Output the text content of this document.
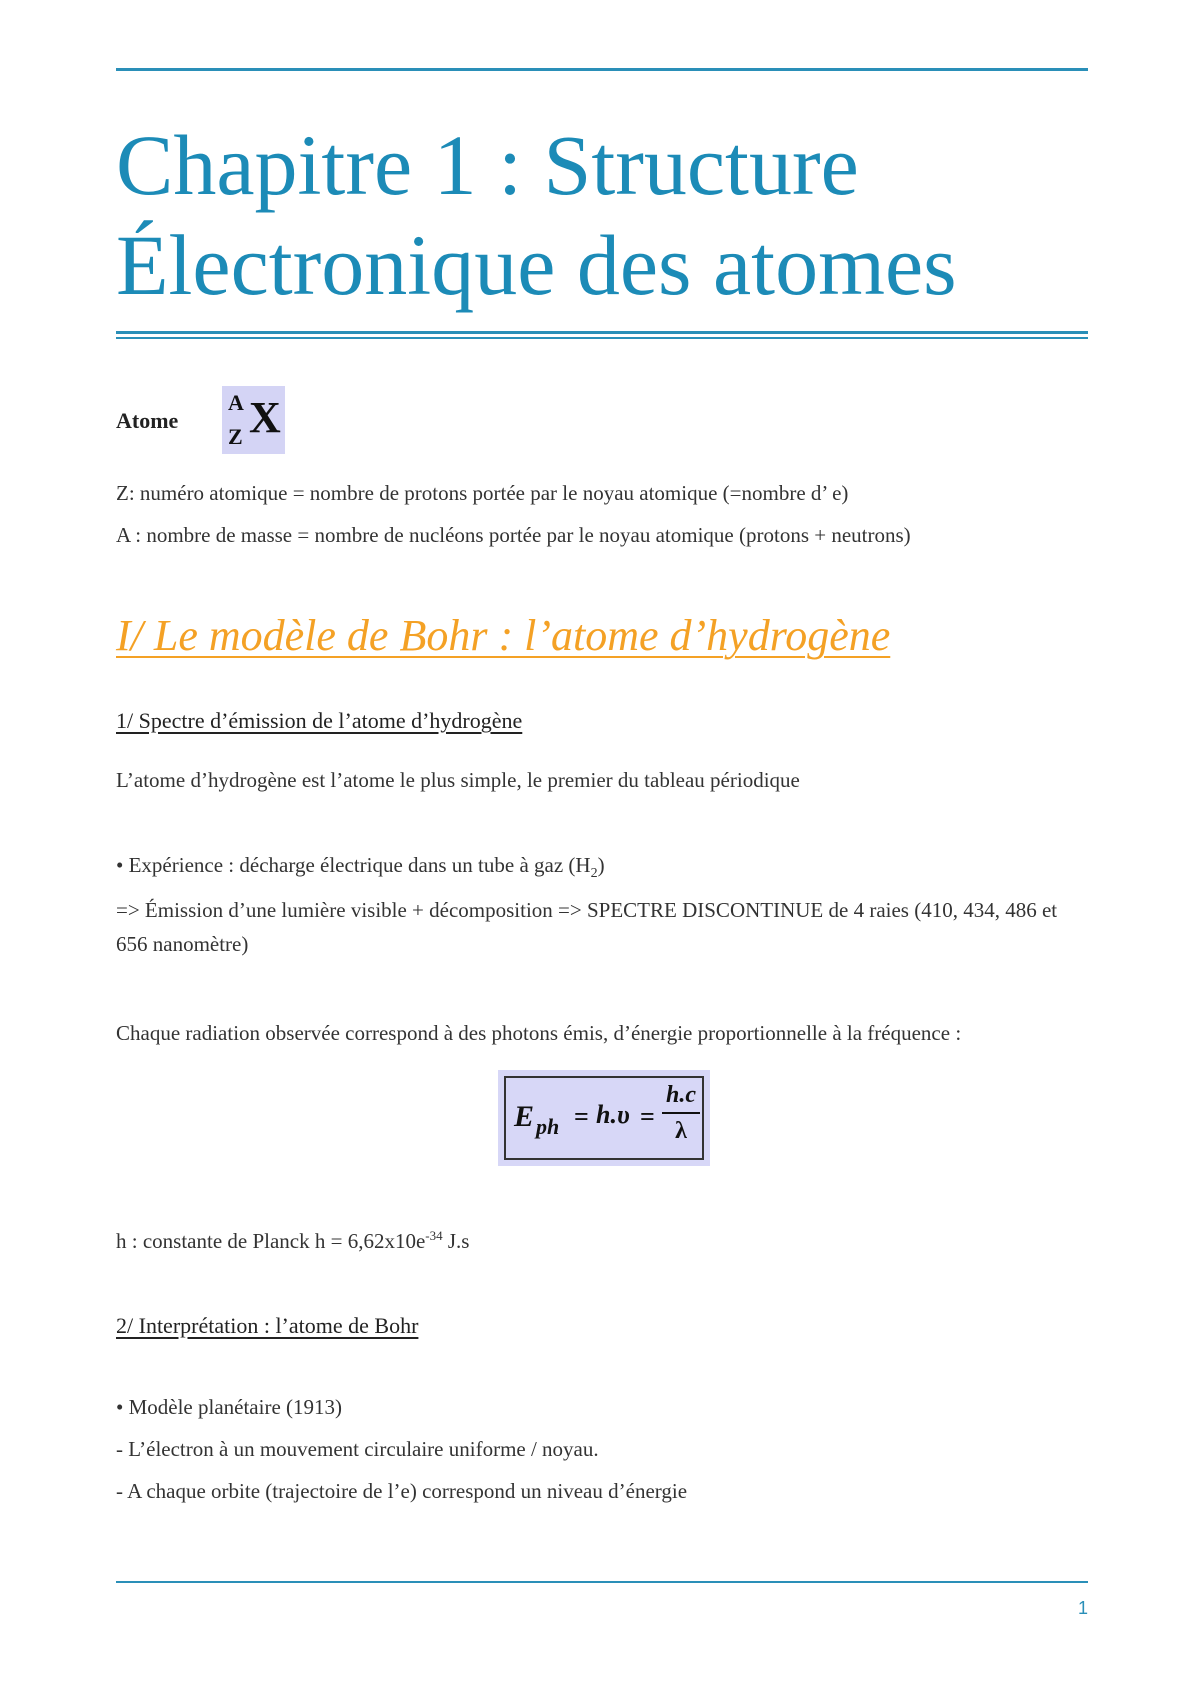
Chapitre 1 : Structure
Électronique des atomes
Atome
A
Z X
Z: numéro atomique = nombre de protons portée par le noyau atomique (=nombre d’ e)
A : nombre de masse = nombre de nucléons portée par le noyau atomique (protons + neutrons)
I/ Le modèle de Bohr : l’atome d’hydrogène
1/ Spectre d’émission de l’atome d’hydrogène
L’atome d’hydrogène est l’atome le plus simple, le premier du tableau périodique
• Expérience : décharge électrique dans un tube à gaz $(H_2)$
=> Émission d’une lumière visible + décomposition => SPECTRE DISCONTINUE de 4 raies (410, 434, 486 et 656 nanomètre)
Chaque radiation observée correspond à des photons émis, d’énergie proportionnelle à la fréquence :
E ph = h.υ =
h.c
λ
h : constante de Planck $h = 6,62x10e^{-34}$ J.s
2/ Interprétation : l’atome de Bohr
• Modèle planétaire (1913)
- L’électron à un mouvement circulaire uniforme / noyau.
- A chaque orbite (trajectoire de l’e) correspond un niveau d’énergie
1
